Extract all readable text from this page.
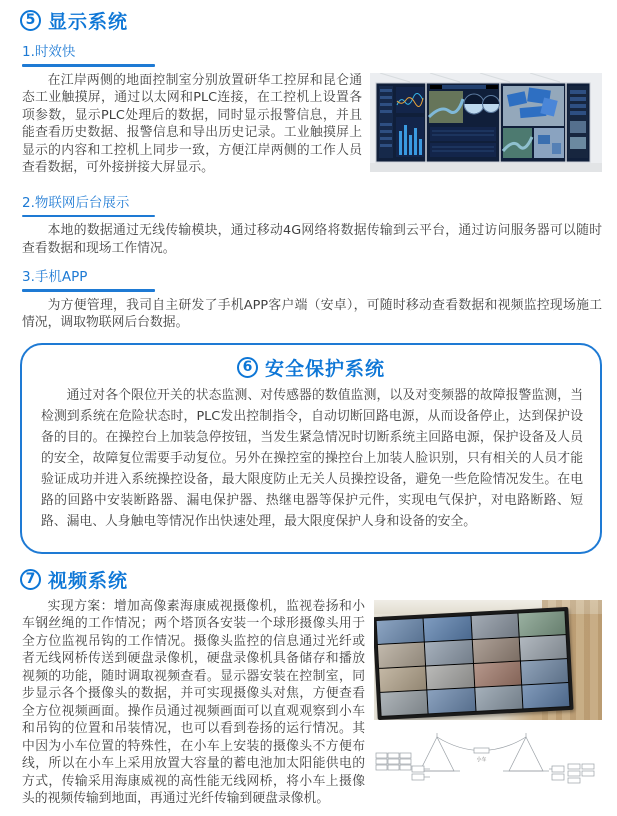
5 显示系统
1.时效快

在江岸两侧的地面控制室分别放置研华工控屏和昆仑通态工业触摸屏，通过以太网和PLC连接，在工控机上设置各项参数，显示PLC处理后的数据，同时显示报警信息，并且能查看历史数据、报警信息和导出历史记录。工业触摸屏上显示的内容和工控机上同步一致，方便江岸两侧的工作人员查看数据，可外接拼接大屏显示。

2.物联网后台展示

本地的数据通过无线传输模块，通过移动4G网络将数据传输到云平台，通过访问服务器可以随时查看数据和现场工作情况。

3.手机APP

为方便管理，我司自主研发了手机APP客户端（安卓），可随时移动查看数据和视频监控现场施工情况，调取物联网后台数据。

6 安全保护系统

通过对各个限位开关的状态监测、对传感器的数值监测，以及对变频器的故障报警监测，当检测到系统在危险状态时，PLC发出控制指令，自动切断回路电源，从而设备停止，达到保护设备的目的。在操控台上加装急停按钮，当发生紧急情况时切断系统主回路电源，保护设备及人员的安全，故障复位需要手动复位。另外在操控室的操控台上加装人脸识别，只有相关的人员才能验证成功并进入系统操控设备，最大限度防止无关人员操控设备，避免一些危险情况发生。在电路的回路中安装断路器、漏电保护器、热继电器等保护元件，实现电气保护，对电路断路、短路、漏电、人身触电等情况作出快速处理，最大限度保护人身和设备的安全。

7 视频系统
小车

实现方案：增加高像素海康威视摄像机，监视卷扬和小车钢丝绳的工作情况；两个塔顶各安装一个球形摄像头用于全方位监视吊钩的工作情况。摄像头监控的信息通过光纤或者无线网桥传送到硬盘录像机，硬盘录像机具备储存和播放视频的功能，随时调取视频查看。显示器安装在控制室，同步显示各个摄像头的数据，并可实现摄像头对焦，方便查看全方位视频画面。操作员通过视频画面可以直观观察到小车和吊钩的位置和吊装情况，也可以看到卷扬的运行情况。其中因为小车位置的特殊性，在小车上安装的摄像头不方便布线，所以在小车上采用放置大容量的蓄电池加太阳能供电的方式，传输采用海康威视的高性能无线网桥，将小车上摄像头的视频传输到地面，再通过光纤传输到硬盘录像机。
